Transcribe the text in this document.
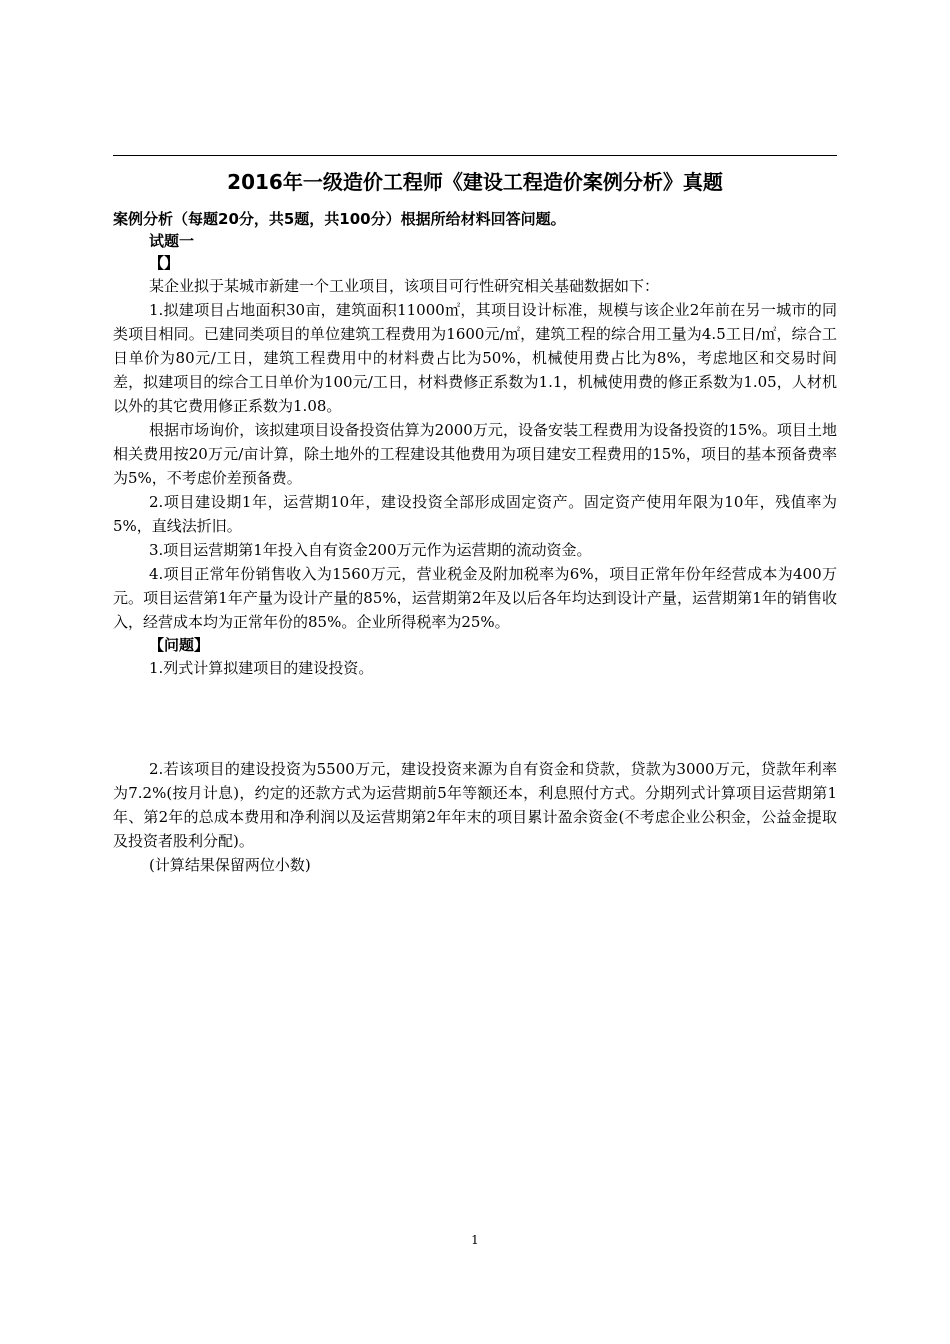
2016年一级造价工程师《建设工程造价案例分析》真题
案例分析（每题20分，共5题，共100分）根据所给材料回答问题。
试题一
【】

某企业拟于某城市新建一个工业项目，该项目可行性研究相关基础数据如下：

1.拟建项目占地面积30亩，建筑面积11000㎡，其项目设计标准，规模与该企业2年前在另一城市的同类项目相同。已建同类项目的单位建筑工程费用为1600元/㎡，建筑工程的综合用工量为4.5工日/㎡，综合工日单价为80元/工日，建筑工程费用中的材料费占比为50%，机械使用费占比为8%，考虑地区和交易时间差，拟建项目的综合工日单价为100元/工日，材料费修正系数为1.1，机械使用费的修正系数为1.05，人材机以外的其它费用修正系数为1.08。

根据市场询价，该拟建项目设备投资估算为2000万元，设备安装工程费用为设备投资的15%。项目土地相关费用按20万元/亩计算，除土地外的工程建设其他费用为项目建安工程费用的15%，项目的基本预备费率为5%，不考虑价差预备费。

2.项目建设期1年，运营期10年，建设投资全部形成固定资产。固定资产使用年限为10年，残值率为5%，直线法折旧。

3.项目运营期第1年投入自有资金200万元作为运营期的流动资金。

4.项目正常年份销售收入为1560万元，营业税金及附加税率为6%，项目正常年份年经营成本为400万元。项目运营第1年产量为设计产量的85%，运营期第2年及以后各年均达到设计产量，运营期第1年的销售收入，经营成本均为正常年份的85%。企业所得税率为25%。

【问题】

1.列式计算拟建项目的建设投资。

2.若该项目的建设投资为5500万元，建设投资来源为自有资金和贷款，贷款为3000万元，贷款年利率为7.2%(按月计息)，约定的还款方式为运营期前5年等额还本，利息照付方式。分期列式计算项目运营期第1年、第2年的总成本费用和净利润以及运营期第2年年末的项目累计盈余资金(不考虑企业公积金，公益金提取及投资者股利分配)。

(计算结果保留两位小数)

1
